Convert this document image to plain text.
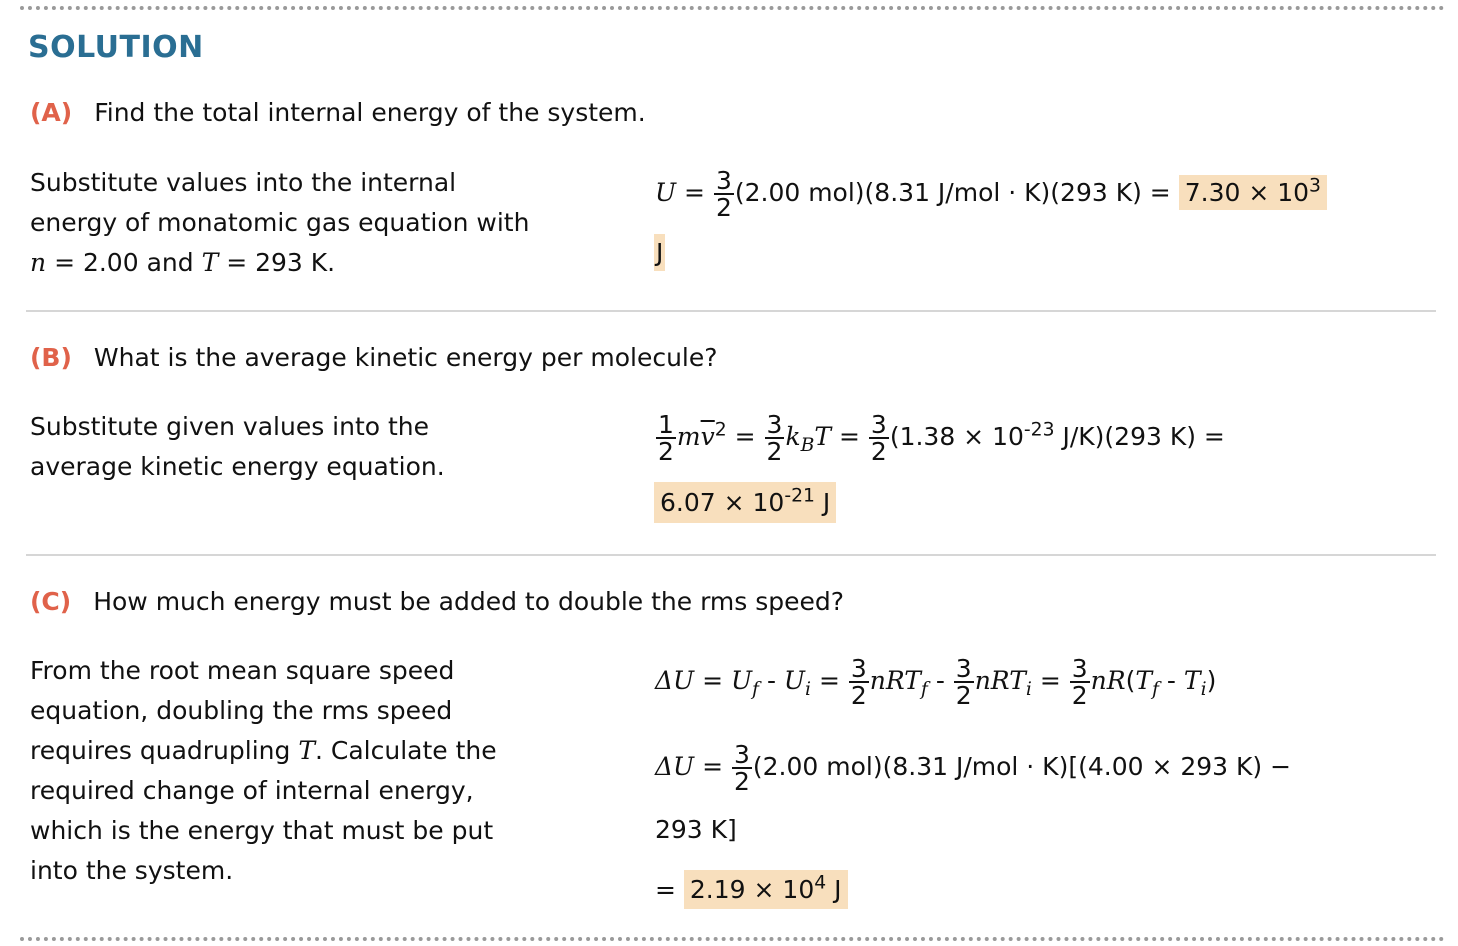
SOLUTION
(A) Find the total internal energy of the system.
Substitute values into the internal
energy of monatomic gas equation with
n = 2.00 and T = 293 K.
$U = \frac{3}{2} (2.00$ mol)(8.31 J/mol · K)(293 $K) = 7.30 \times 10^3$
J
(B) What is the average kinetic energy per molecule?
Substitute given values into the
average kinetic energy equation.
$\frac{1}{2} m\overline{v}^2 = \frac{3}{2} k_BT = \frac{3}{2} (1.38 \times 10^{-23}$ J/K)(293 K) =
$6.07 \times 10^{-21}$ J
(C) How much energy must be added to double the rms speed?
From the root mean square speed
equation, doubling the rms speed
requires quadrupling T. Calculate the
required change of internal energy,
which is the energy that must be put
into the system.
$\Delta U = U_f - U_i = \frac{3}{2} nRT_f - \frac{3}{2} nRT_i = \frac{3}{2} nR(T_f - T_i)$
$\Delta U = \frac{3}{2} (2.00$ mol)(8.31 J/mol · K)[(4.00 × 293 K) −
293 K]
= $2.19 \times 10^4$ J
